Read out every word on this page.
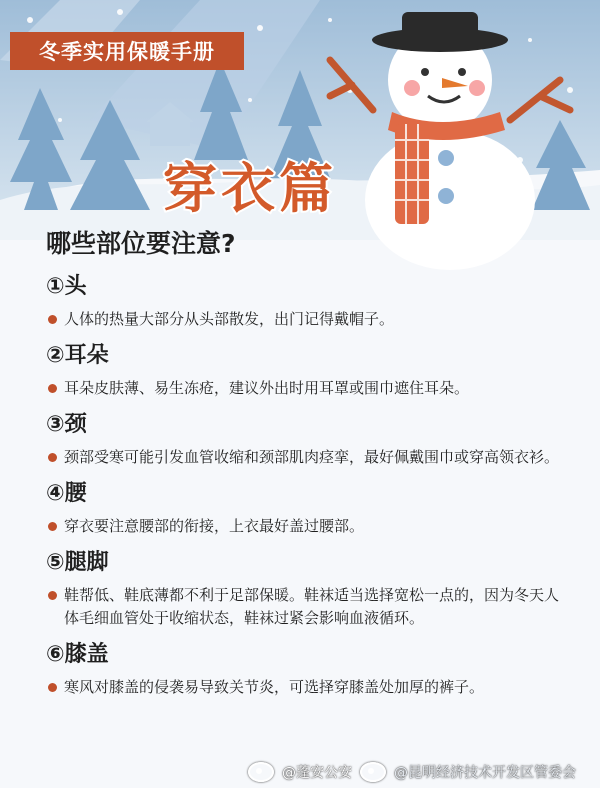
冬季实用保暖手册
穿衣篇
哪些部位要注意?
①头
人体的热量大部分从头部散发，出门记得戴帽子。
②耳朵
耳朵皮肤薄、易生冻疮，建议外出时用耳罩或围巾遮住耳朵。
③颈
颈部受寒可能引发血管收缩和颈部肌肉痉挛，最好佩戴围巾或穿高领衣衫。
④腰
穿衣要注意腰部的衔接，上衣最好盖过腰部。
⑤腿脚
鞋帮低、鞋底薄都不利于足部保暖。鞋袜适当选择宽松一点的，因为冬天人体毛细血管处于收缩状态，鞋袜过紧会影响血液循环。
⑥膝盖
寒风对膝盖的侵袭易导致关节炎，可选择穿膝盖处加厚的裤子。
@蓬安公安	@昆明经济技术开发区管委会
